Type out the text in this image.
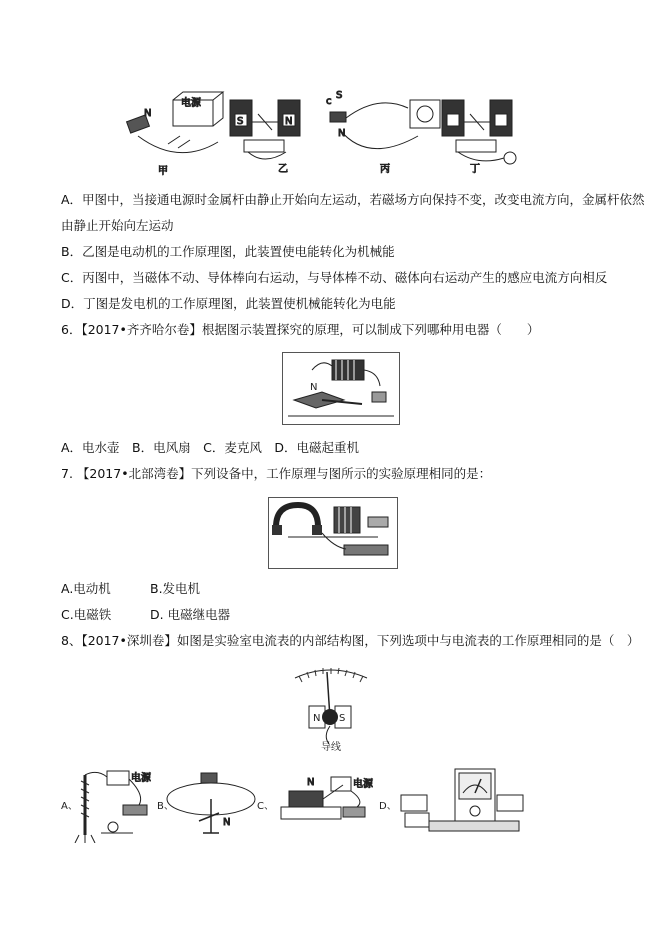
N
电源
甲
S	N
乙
c
S
N
丙	丁
A．甲图中，当接通电源时金属杆由静止开始向左运动，若磁场方向保持不变，改变电流方向，金属杆依然
由静止开始向左运动
B．乙图是电动机的工作原理图，此装置使电能转化为机械能
C．丙图中，当磁体不动、导体棒向右运动，与导体棒不动、磁体向右运动产生的感应电流方向相反
D．丁图是发电机的工作原理图，此装置使机械能转化为电能
6．【2017•齐齐哈尔卷】根据图示装置探究的原理，可以制成下列哪种用电器（　　）
N
A．电水壶　B．电风扇　C．麦克风　D．电磁起重机
7. 【2017•北部湾卷】下列设备中，工作原理与图所示的实验原理相同的是：
A.电动机	B.发电机
C.电磁铁	D. 电磁继电器
8、【2017•深圳卷】如图是实验室电流表的内部结构图，下列选项中与电流表的工作原理相同的是（　）
N S
导线
A、
电源
B、
N
C、
N	电源
D、
